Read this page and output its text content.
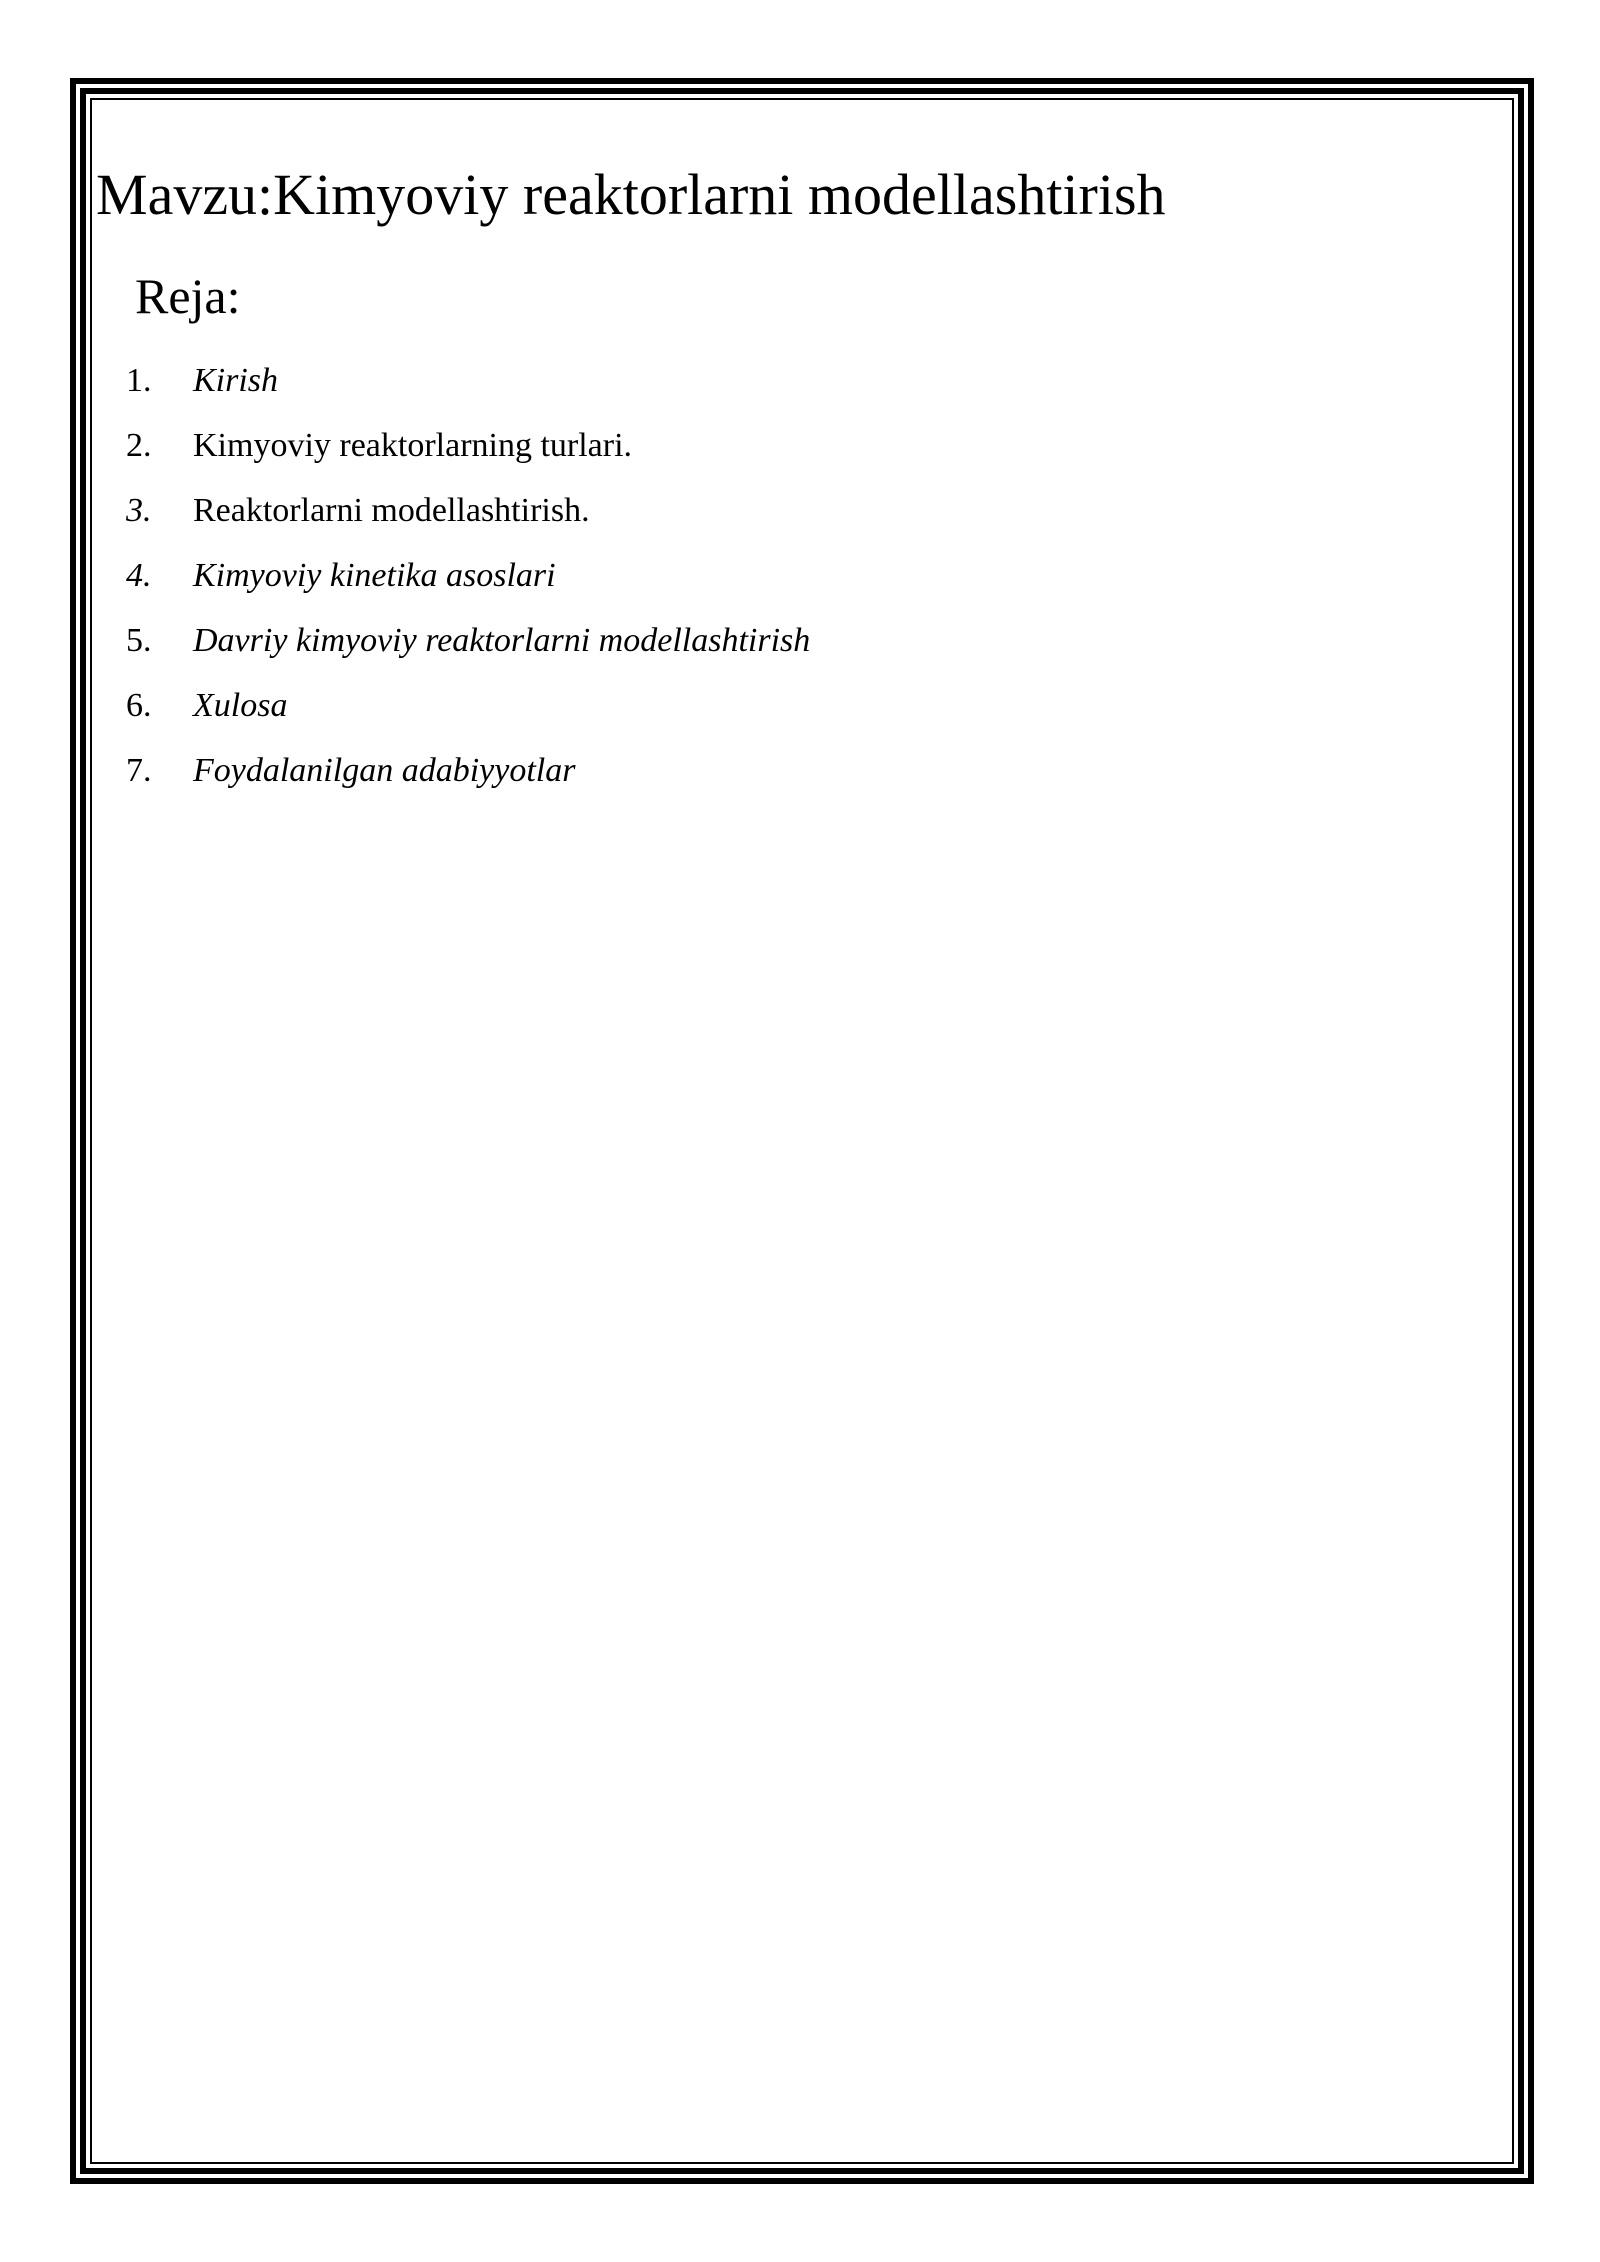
Mavzu:Kimyoviy reaktorlarni modellashtirish
Reja:
1.	Kirish
2.	Kimyoviy reaktorlarning turlari.
3.	Reaktorlarni modellashtirish.
4.	Kimyoviy kinetika asoslari
5.	Davriy kimyoviy reaktorlarni modellashtirish
6.	Xulosa
7.	Foydalanilgan adabiyyotlar
